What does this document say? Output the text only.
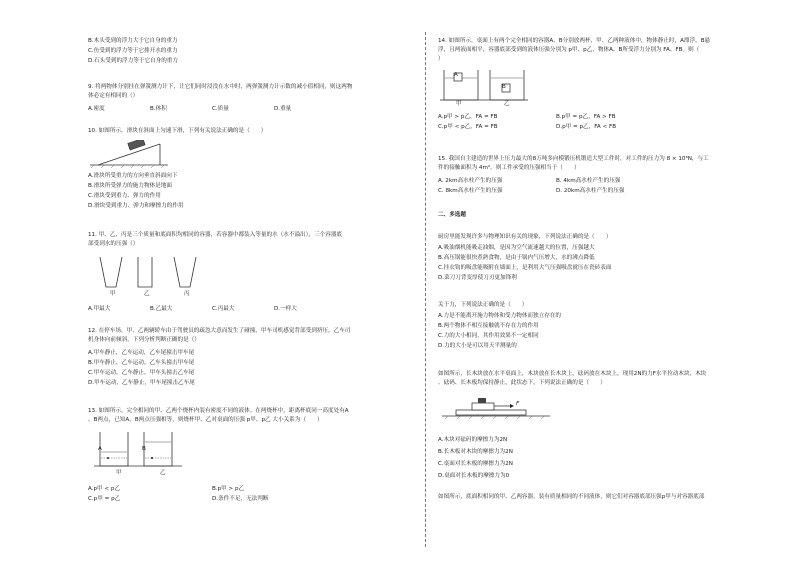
B.木头受到的浮力大于它自身的重力
C.鱼受到的浮力等于它排开水的重力
D.石头受到的浮力等于它自身的重力
9. 将两物体分别挂在弹簧测力计下，让它们同时浸没在水中时，两弹簧测力计示数的减小值相同，则这两物
体必定有相同的（）
A.密度	B.体积	C.质量	D.重量
10. 如图所示，滑块在斜面上匀速下滑，下列有关说法正确的是（　　）
A.滑块所受重力的方向垂直斜面向下
B.滑块所受弹力的施力物体是地面
C.滑块受到重力、弹力的作用
D.滑块受到重力、弹力和摩擦力的作用
11. 甲、乙、丙是三个质量和底面积均相同的容器，若容器中都装入等量的水（水不溢出），三个容器底
部受到水的压强（）
甲	乙	丙
A.甲最大	B.乙最大	C.丙最大	D.一样大
12. 在停车场，甲、乙两辆轿车由于驾驶员的疏忽大意而发生了碰撞，甲车司机感觉背部受到挤压，乙车司
机身体向前倾斜，下列分析判断正确的是（）
A.甲车静止，乙车运动，乙车尾撞击甲车尾
B.甲车静止，乙车运动，乙车头撞击甲车尾
C.甲车运动，乙车静止，甲车头撞击乙车尾
D.甲车运动，乙车静止，甲车尾撞击乙车尾
13. 如图所示，完全相同的甲、乙两个烧杯内装有密度不同的液体。在两烧杯中，距离杯底同一高度处有A
、B两点，已知A、B两点压强相等，则烧杯甲、乙对桌面的压强 p甲、p乙 大小关系为（　　）
A	B
甲	乙
A.p甲 < p乙	B.p甲 > p乙
C.p甲 = p乙	D.条件不足，无法判断
14. 如图所示，桌面上有两个完全相同的容器A、B分别放两杯，甲、乙两种液体中，物体静止时，A漂浮，B悬
浮，且两液面相平，容器底部受到的液体压强分别为 p甲、p乙，物体A、B所受浮力分别为 FA、FB。则（
）
A
B
甲	乙
A.p甲 > p乙，FA = FB	B.p甲 = p乙，FA > FB
C.p甲 < p乙，FA = FB	D.p甲 = p乙，FA < FB
15. 我国自主建造的世界上压力最大的8万吨多向模锻压机锻造大型工件时，对工件的压力为 8 × 10⁸N，与工
件的接触面积为 4m²，则工件承受的压强相当于（　　）
A. 2km高水柱产生的压强	B. 4km高水柱产生的压强
C. 8km高水柱产生的压强	D. 20km高水柱产生的压强
二、多选题
厨房里能发现许多与物理知识有关的现象，下列说法正确的是（　　）
A.吸油烟机能吸走油烟，是因为空气流速越大的位置，压强越大
B.高压锅能很快煮熟食物，是由于锅内气压增大，水的沸点降低
C.挂衣钩的吸盘能吸附在墙面上，是利用大气压强吸盘就压在瓷砖表面
D.菜刀刀背变厚使刀刃更加锋利
关于力，下列说法正确的是（　　）
A.力是不能离开施力物体和受力物体而独立存在的
B.两个物体不相互接触就不存在力的作用
C.力的大小相同，其作用效果不一定相同
D.力的大小是可以用天平测量的
如图所示，长木块放在水平桌面上，木块放在长木块上，砝码放在木块上，现用2N的力F水平拉动木块，木块
、砝码、长木板均保持静止，此状态下，下列说法正确的是（　　）
F
A.木块对砝码的摩擦力为2N
B.长木板对木块的摩擦力为2N
C.桌面对长木板的摩擦力为2N
D.桌面对长木板的摩擦力为0
如图所示，底面积相同的甲、乙两容器，装有质量相同的不同液体，则它们对容器底部压强p甲与对容器底部
